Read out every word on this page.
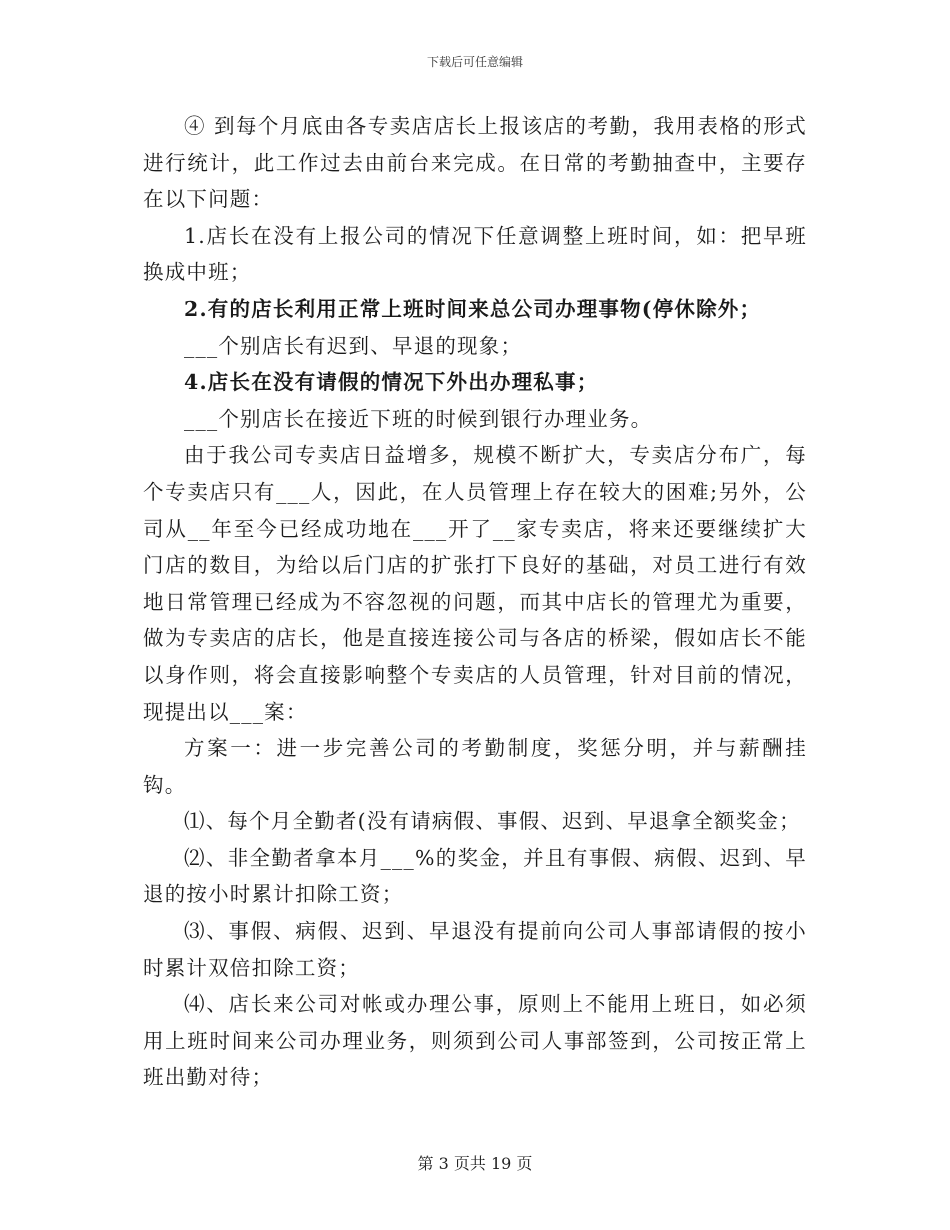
下载后可任意编辑

④ 到每个月底由各专卖店店长上报该店的考勤，我用表格的形式进行统计，此工作过去由前台来完成。在日常的考勤抽查中，主要存在以下问题：

1.店长在没有上报公司的情况下任意调整上班时间，如：把早班换成中班；

2.有的店长利用正常上班时间来总公司办理事物(停休除外；

___个别店长有迟到、早退的现象；

4.店长在没有请假的情况下外出办理私事；

___个别店长在接近下班的时候到银行办理业务。

由于我公司专卖店日益增多，规模不断扩大，专卖店分布广，每个专卖店只有___人，因此，在人员管理上存在较大的困难;另外，公司从__年至今已经成功地在___开了__家专卖店，将来还要继续扩大门店的数目，为给以后门店的扩张打下良好的基础，对员工进行有效地日常管理已经成为不容忽视的问题，而其中店长的管理尤为重要，做为专卖店的店长，他是直接连接公司与各店的桥梁，假如店长不能以身作则，将会直接影响整个专卖店的人员管理，针对目前的情况，现提出以___案：

方案一：进一步完善公司的考勤制度，奖惩分明，并与薪酬挂钩。

⑴、每个月全勤者(没有请病假、事假、迟到、早退拿全额奖金；

⑵、非全勤者拿本月___%的奖金，并且有事假、病假、迟到、早退的按小时累计扣除工资；

⑶、事假、病假、迟到、早退没有提前向公司人事部请假的按小时累计双倍扣除工资；

⑷、店长来公司对帐或办理公事，原则上不能用上班日，如必须用上班时间来公司办理业务，则须到公司人事部签到，公司按正常上班出勤对待；

第 3 页共 19 页
